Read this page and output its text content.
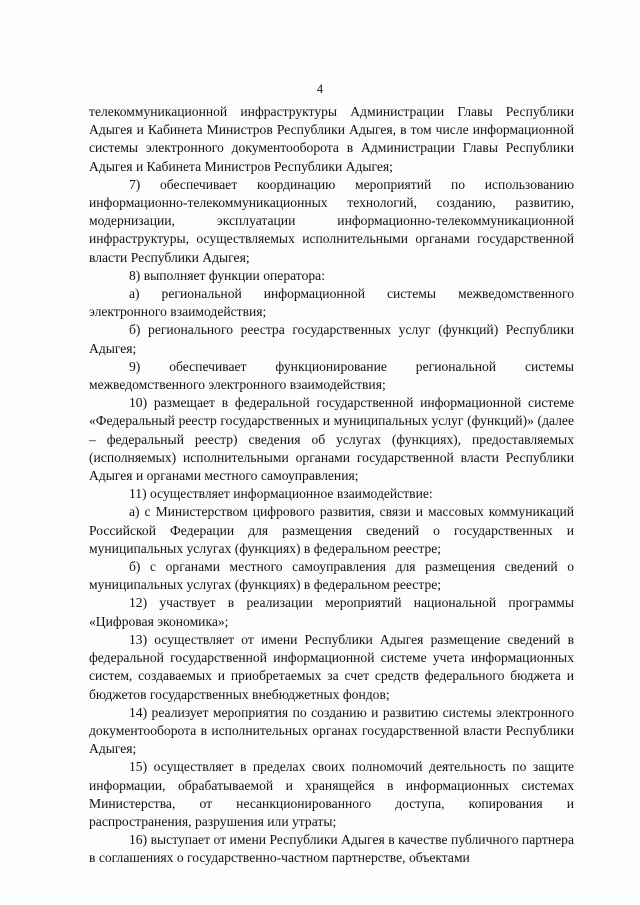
4

телекоммуникационной инфраструктуры Администрации Главы Республики Адыгея и Кабинета Министров Республики Адыгея, в том числе информационной системы электронного документооборота в Администрации Главы Республики Адыгея и Кабинета Министров Республики Адыгея;

7) обеспечивает координацию мероприятий по использованию информационно-телекоммуникационных технологий, созданию, развитию, модернизации, эксплуатации информационно-телекоммуникационной инфраструктуры, осуществляемых исполнительными органами государственной власти Республики Адыгея;

8) выполняет функции оператора:

а) региональной информационной системы межведомственного электронного взаимодействия;

б) регионального реестра государственных услуг (функций) Республики Адыгея;

9) обеспечивает функционирование региональной системы межведомственного электронного взаимодействия;

10) размещает в федеральной государственной информационной системе «Федеральный реестр государственных и муниципальных услуг (функций)» (далее – федеральный реестр) сведения об услугах (функциях), предоставляемых (исполняемых) исполнительными органами государственной власти Республики Адыгея и органами местного самоуправления;

11) осуществляет информационное взаимодействие:

а) с Министерством цифрового развития, связи и массовых коммуникаций Российской Федерации для размещения сведений о государственных и муниципальных услугах (функциях) в федеральном реестре;

б) с органами местного самоуправления для размещения сведений о муниципальных услугах (функциях) в федеральном реестре;

12) участвует в реализации мероприятий национальной программы «Цифровая экономика»;

13) осуществляет от имени Республики Адыгея размещение сведений в федеральной государственной информационной системе учета информационных систем, создаваемых и приобретаемых за счет средств федерального бюджета и бюджетов государственных внебюджетных фондов;

14) реализует мероприятия по созданию и развитию системы электронного документооборота в исполнительных органах государственной власти Республики Адыгея;

15) осуществляет в пределах своих полномочий деятельность по защите информации, обрабатываемой и хранящейся в информационных системах Министерства, от несанкционированного доступа, копирования и распространения, разрушения или утраты;

16) выступает от имени Республики Адыгея в качестве публичного партнера в соглашениях о государственно-частном партнерстве, объектами
